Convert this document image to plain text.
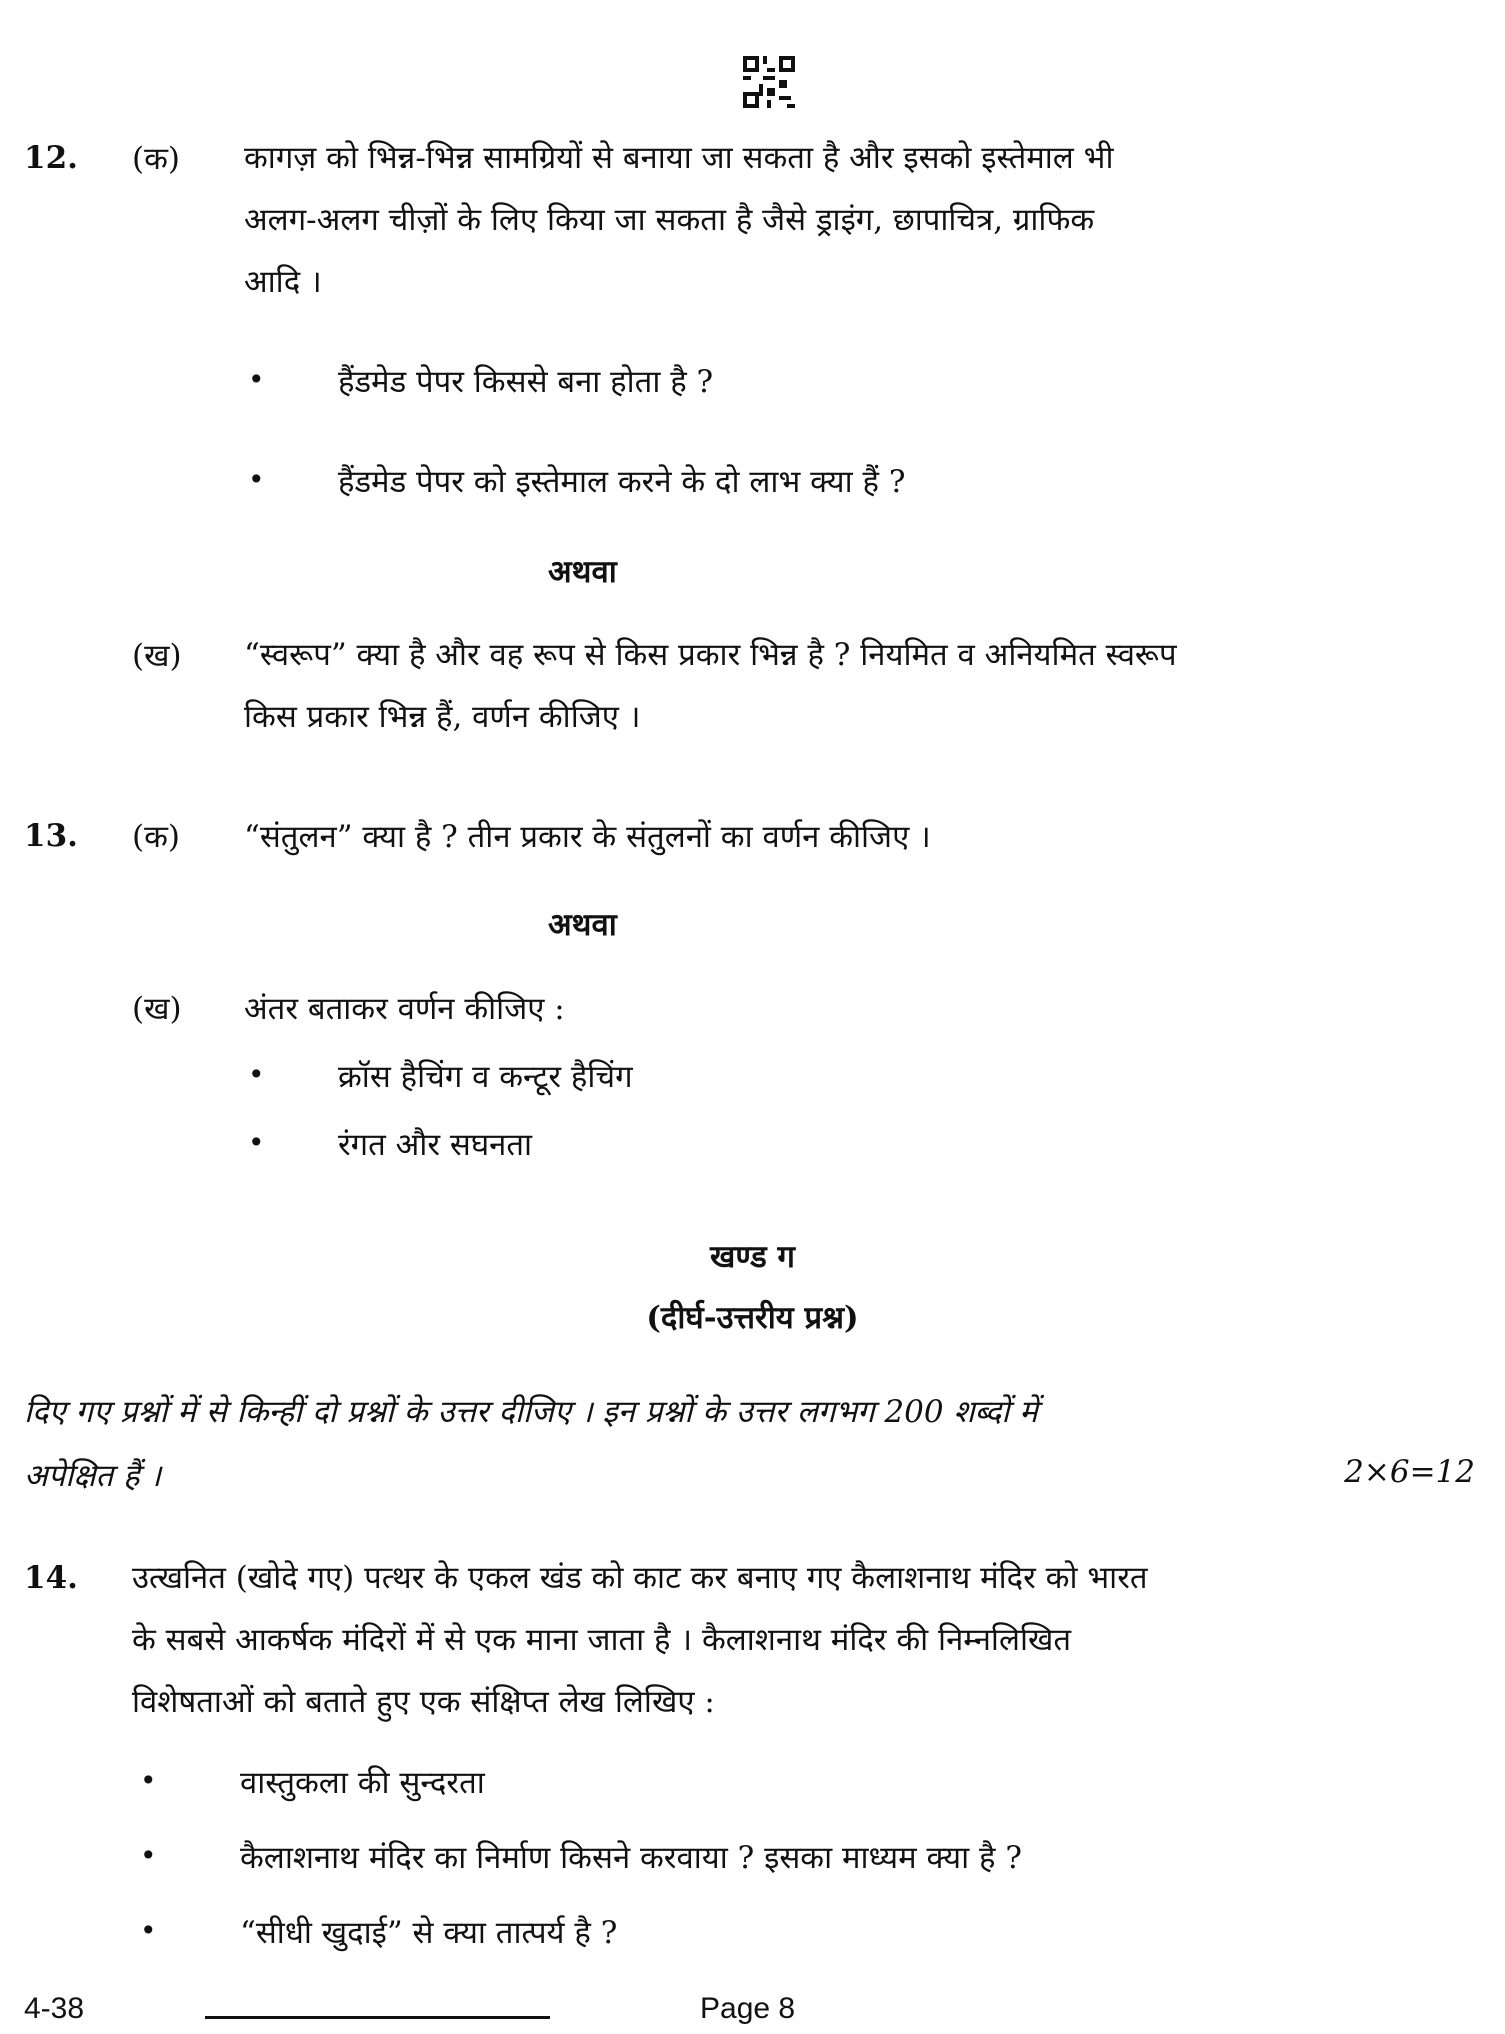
12. (क) कागज़ को भिन्न-भिन्न सामग्रियों से बनाया जा सकता है और इसको इस्तेमाल भी
अलग-अलग चीज़ों के लिए किया जा सकता है जैसे ड्राइंग, छापाचित्र, ग्राफिक
आदि ।
• हैंडमेड पेपर किससे बना होता है ?
• हैंडमेड पेपर को इस्तेमाल करने के दो लाभ क्या हैं ?
अथवा
(ख) “स्वरूप” क्या है और वह रूप से किस प्रकार भिन्न है ? नियमित व अनियमित स्वरूप
किस प्रकार भिन्न हैं, वर्णन कीजिए ।
13. (क) “संतुलन” क्या है ? तीन प्रकार के संतुलनों का वर्णन कीजिए ।
अथवा
(ख) अंतर बताकर वर्णन कीजिए :
• क्रॉस हैचिंग व कन्टूर हैचिंग
• रंगत और सघनता
खण्ड ग
(दीर्घ-उत्तरीय प्रश्न)
दिए गए प्रश्नों में से किन्हीं दो प्रश्नों के उत्तर दीजिए । इन प्रश्नों के उत्तर लगभग 200 शब्दों में
अपेक्षित हैं ।	2×6=12
14. उत्खनित (खोदे गए) पत्थर के एकल खंड को काट कर बनाए गए कैलाशनाथ मंदिर को भारत
के सबसे आकर्षक मंदिरों में से एक माना जाता है । कैलाशनाथ मंदिर की निम्नलिखित
विशेषताओं को बताते हुए एक संक्षिप्त लेख लिखिए :
•	वास्तुकला की सुन्दरता
•	कैलाशनाथ मंदिर का निर्माण किसने करवाया ? इसका माध्यम क्या है ?
•	“सीधी खुदाई” से क्या तात्पर्य है ?
4-38	Page 8
